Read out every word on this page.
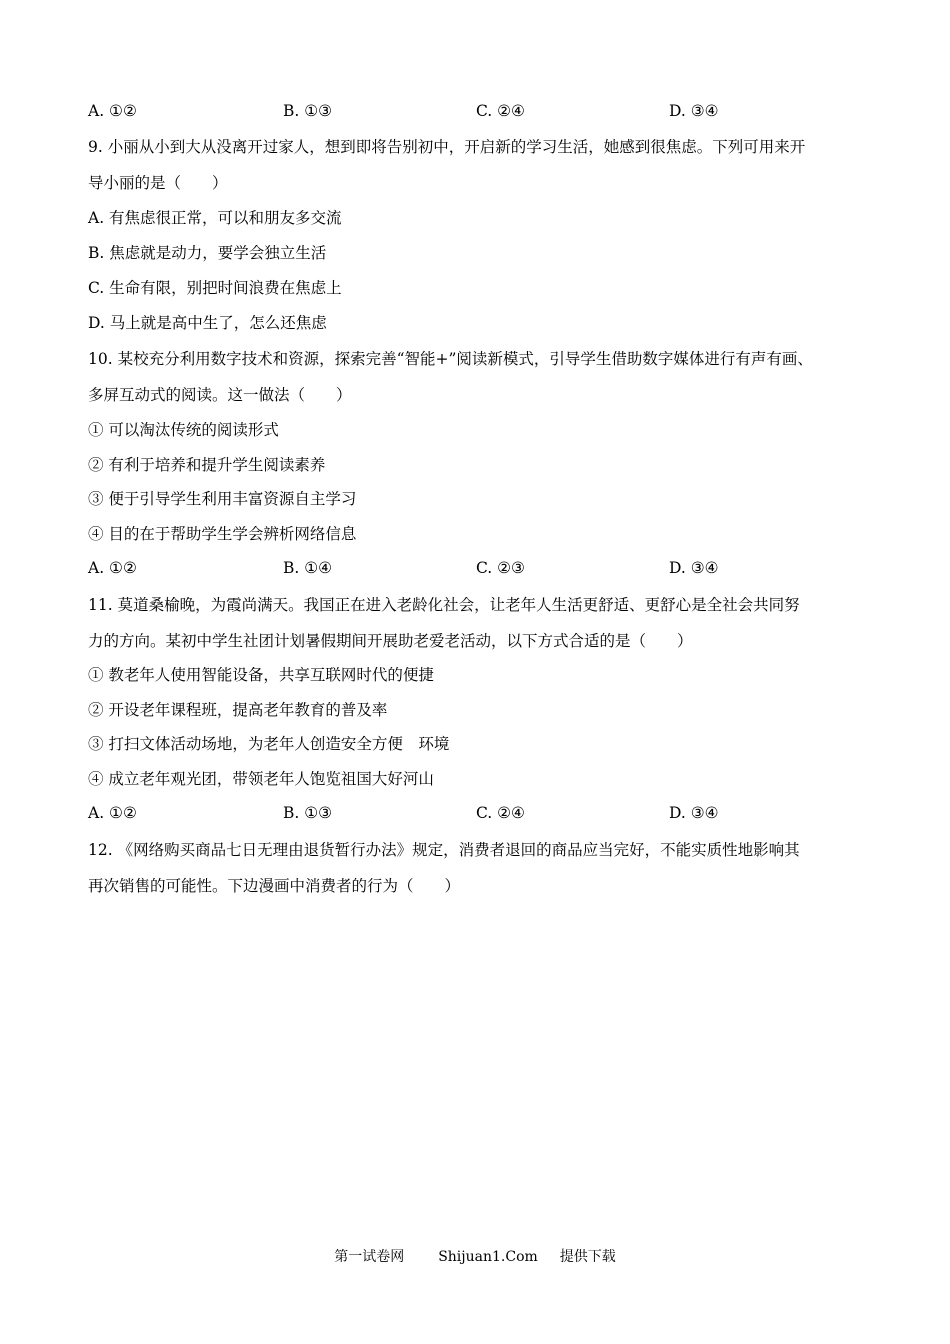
A. ①②	B. ①③	C. ②④	D. ③④
9. 小丽从小到大从没离开过家人，想到即将告别初中，开启新的学习生活，她感到很焦虑。下列可用来开
导小丽的是（　　）
A. 有焦虑很正常，可以和朋友多交流
B. 焦虑就是动力，要学会独立生活
C. 生命有限，别把时间浪费在焦虑上
D. 马上就是高中生了，怎么还焦虑
10. 某校充分利用数字技术和资源，探索完善“智能+”阅读新模式，引导学生借助数字媒体进行有声有画、
多屏互动式的阅读。这一做法（　　）
① 可以淘汰传统的阅读形式
② 有利于培养和提升学生阅读素养
③ 便于引导学生利用丰富资源自主学习
④ 目的在于帮助学生学会辨析网络信息
A. ①②	B. ①④	C. ②③	D. ③④
11. 莫道桑榆晚，为霞尚满天。我国正在进入老龄化社会，让老年人生活更舒适、更舒心是全社会共同努
力的方向。某初中学生社团计划暑假期间开展助老爱老活动，以下方式合适的是（　　）
① 教老年人使用智能设备，共享互联网时代的便捷
② 开设老年课程班，提高老年教育的普及率
③ 打扫文体活动场地，为老年人创造安全方便　环境
④ 成立老年观光团，带领老年人饱览祖国大好河山
A. ①②	B. ①③	C. ②④	D. ③④
12. 《网络购买商品七日无理由退货暂行办法》规定，消费者退回的商品应当完好，不能实质性地影响其
再次销售的可能性。下边漫画中消费者的行为（　　）
第一试卷网 Shijuan1.Com 提供下载
